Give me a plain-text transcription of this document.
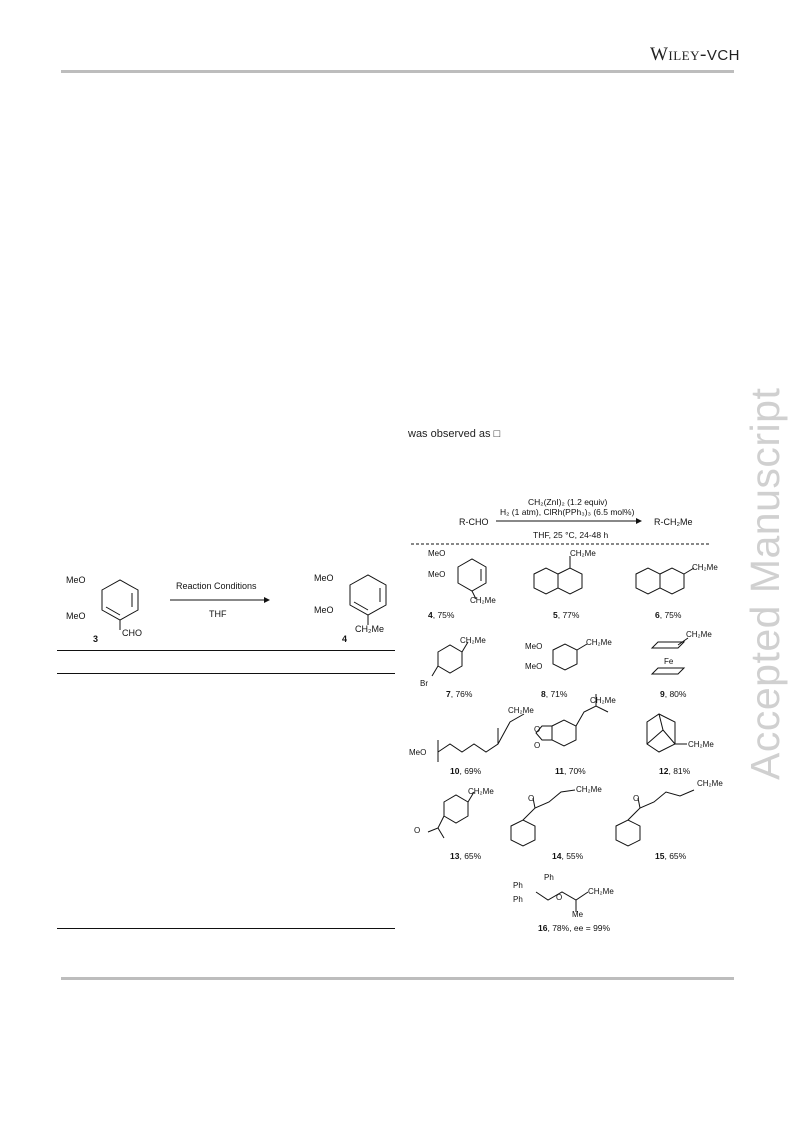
Wiley-VCH
Accepted Manuscript
was observed as □
MeO
MeO
CHO
3
Reaction Conditions
THF
MeO
MeO
CH₂Me
4
CH₂(ZnI)₂ (1.2 equiv)
H₂ (1 atm), ClRh(PPh₃)₃ (6.5 mol%)
R-CHO	R-CH₂Me
THF, 25 °C, 24-48 h
MeO
MeO
CH₂Me
4, 75%
CH₂Me
5, 77%
CH₂Me
6, 75%
CH₂Me
Br
7, 76%
MeO
MeO
CH₂Me
8, 71%
CH₂Me
Fe
9, 80%
CH₂Me
MeO
10, 69%
CH₂Me
O
O
11, 70%
CH₂Me
12, 81%
CH₂Me
O
13, 65%
O
CH₂Me
14, 55%
O
CH₂Me
15, 65%
Ph
Ph
Ph	O
CH₂Me
Me
16, 78%, ee = 99%
